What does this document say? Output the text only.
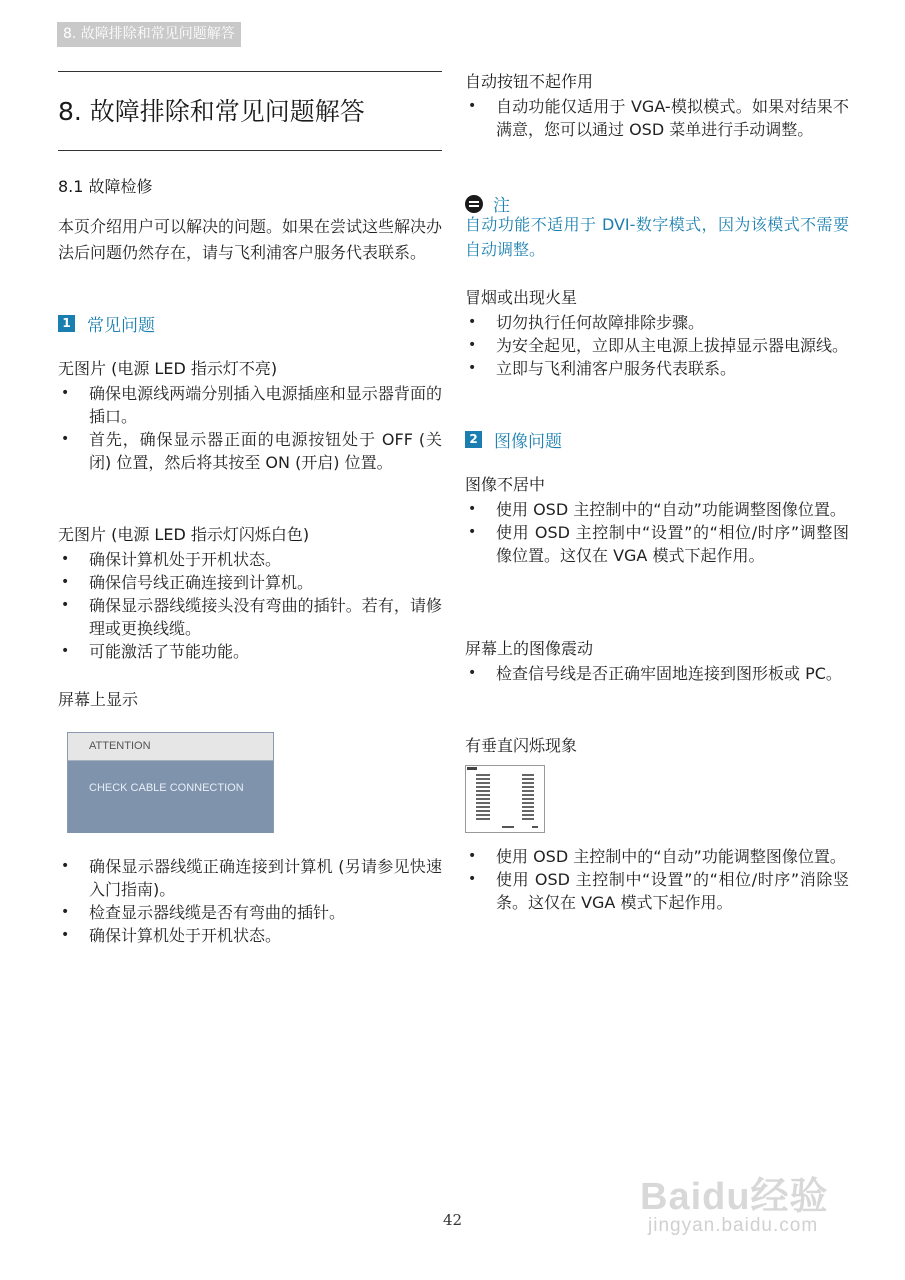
8. 故障排除和常见问题解答
8. 故障排除和常见问题解答
8.1 故障检修
本页介绍用户可以解决的问题。如果在尝试这些解决办法后问题仍然存在，请与飞利浦客户服务代表联系。
1 常见问题
无图片 (电源 LED 指示灯不亮)
• 确保电源线两端分别插入电源插座和显示器背面的插口。
• 首先，确保显示器正面的电源按钮处于 OFF (关闭) 位置，然后将其按至 ON (开启) 位置。
无图片 (电源 LED 指示灯闪烁白色)
• 确保计算机处于开机状态。
• 确保信号线正确连接到计算机。
• 确保显示器线缆接头没有弯曲的插针。若有，请修理或更换线缆。
• 可能激活了节能功能。
屏幕上显示
ATTENTION
CHECK CABLE CONNECTION
• 确保显示器线缆正确连接到计算机 (另请参见快速入门指南)。
• 检查显示器线缆是否有弯曲的插针。
• 确保计算机处于开机状态。
自动按钮不起作用
• 自动功能仅适用于 VGA-模拟模式。如果对结果不满意，您可以通过 OSD 菜单进行手动调整。
注
自动功能不适用于 DVI-数字模式，因为该模式不需要自动调整。
冒烟或出现火星
• 切勿执行任何故障排除步骤。
• 为安全起见，立即从主电源上拔掉显示器电源线。
• 立即与飞利浦客户服务代表联系。
2 图像问题
图像不居中
• 使用 OSD 主控制中的“自动”功能调整图像位置。
• 使用 OSD 主控制中“设置”的“相位/时序”调整图像位置。这仅在 VGA 模式下起作用。
屏幕上的图像震动
• 检查信号线是否正确牢固地连接到图形板或 PC。
有垂直闪烁现象
• 使用 OSD 主控制中的“自动”功能调整图像位置。
• 使用 OSD 主控制中“设置”的“相位/时序”消除竖条。这仅在 VGA 模式下起作用。
42
Baidu经验
jingyan.baidu.com
